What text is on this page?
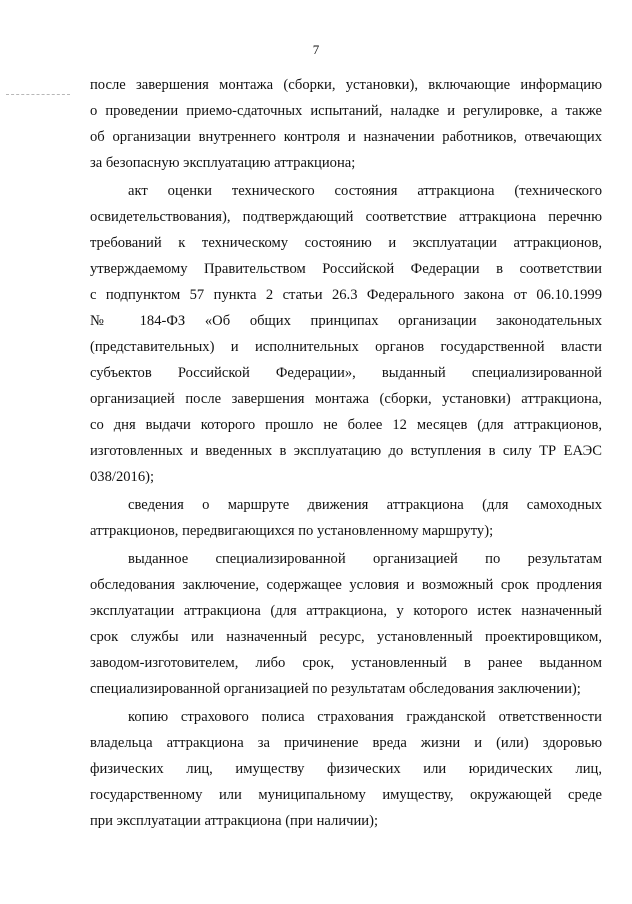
7
после завершения монтажа (сборки, установки), включающие информацию
о проведении приемо-сдаточных испытаний, наладке и регулировке, а также
об организации внутреннего контроля и назначении работников, отвечающих
за безопасную эксплуатацию аттракциона;
акт оценки технического состояния аттракциона (технического
освидетельствования), подтверждающий соответствие аттракциона перечню
требований к техническому состоянию и эксплуатации аттракционов,
утверждаемому Правительством Российской Федерации в соответствии
с подпунктом 57 пункта 2 статьи 26.3 Федерального закона от 06.10.1999
№ 184-ФЗ «Об общих принципах организации законодательных
(представительных) и исполнительных органов государственной власти
субъектов Российской Федерации», выданный специализированной
организацией после завершения монтажа (сборки, установки) аттракциона,
со дня выдачи которого прошло не более 12 месяцев (для аттракционов,
изготовленных и введенных в эксплуатацию до вступления в силу ТР ЕАЭС
038/2016);
сведения о маршруте движения аттракциона (для самоходных
аттракционов, передвигающихся по установленному маршруту);
выданное специализированной организацией по результатам
обследования заключение, содержащее условия и возможный срок продления
эксплуатации аттракциона (для аттракциона, у которого истек назначенный
срок службы или назначенный ресурс, установленный проектировщиком,
заводом-изготовителем, либо срок, установленный в ранее выданном
специализированной организацией по результатам обследования заключении);
копию страхового полиса страхования гражданской ответственности
владельца аттракциона за причинение вреда жизни и (или) здоровью
физических лиц, имуществу физических или юридических лиц,
государственному или муниципальному имуществу, окружающей среде
при эксплуатации аттракциона (при наличии);
